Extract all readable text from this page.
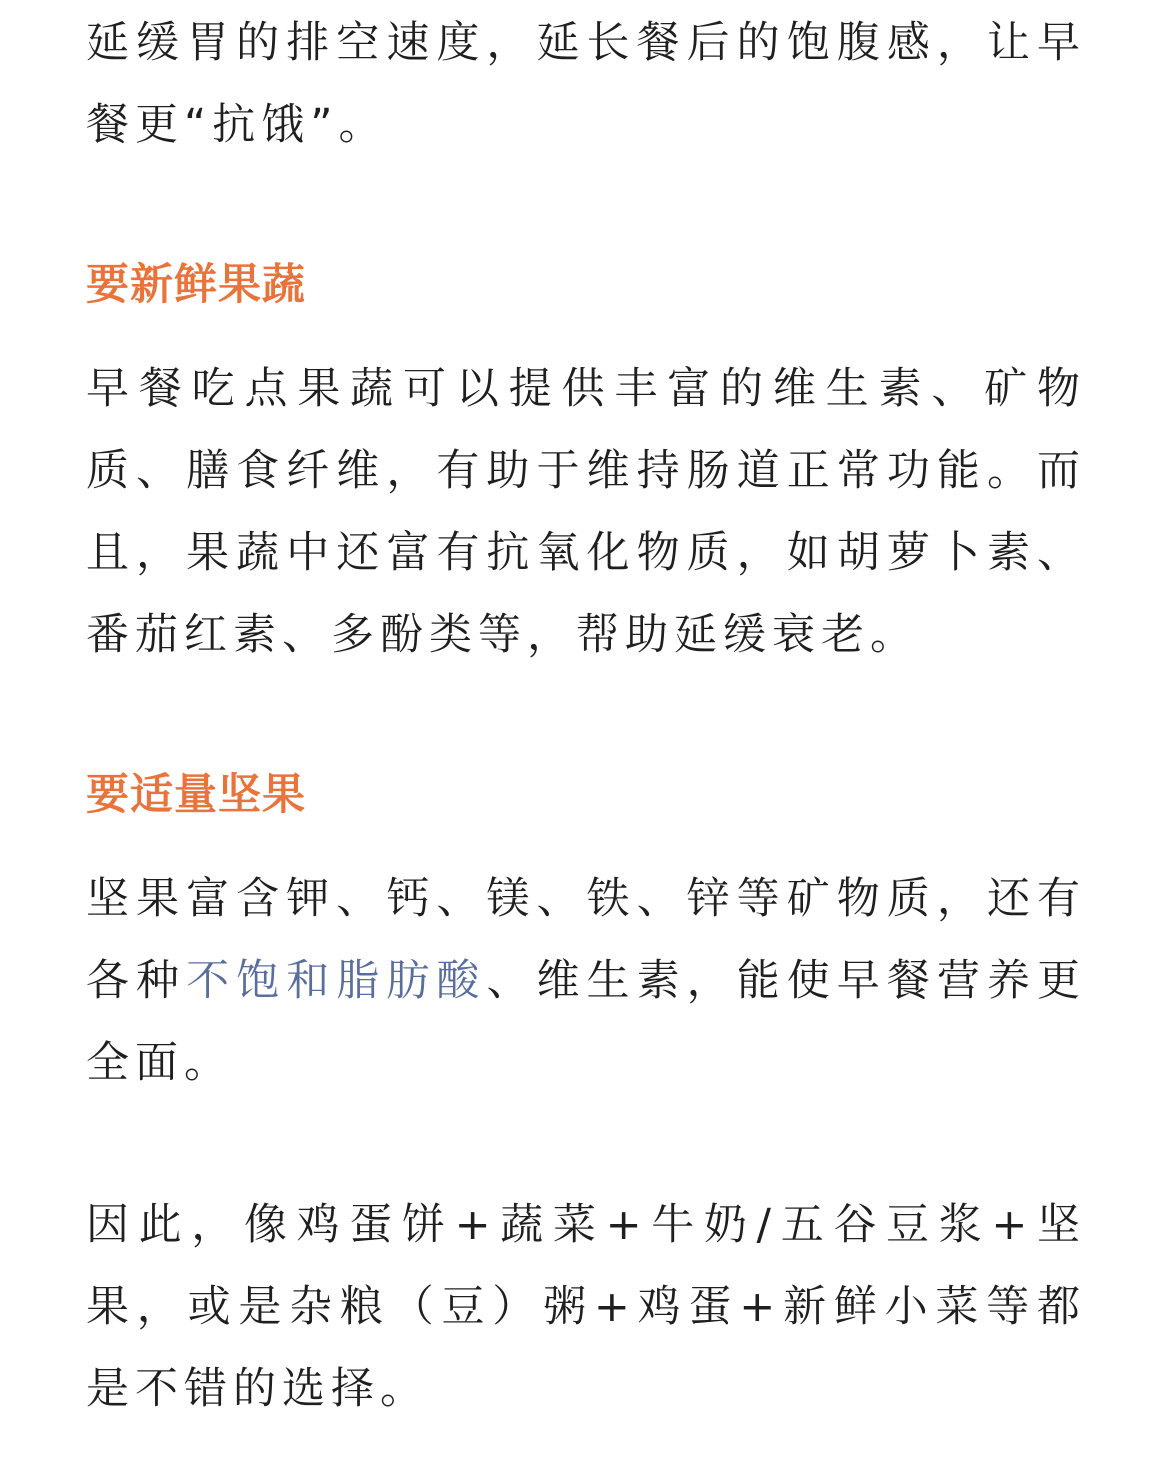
延缓胃的排空速度，延长餐后的饱腹感，让早餐更“抗饿”。

要新鲜果蔬

早餐吃点果蔬可以提供丰富的维生素、矿物质、膳食纤维，有助于维持肠道正常功能。而且，果蔬中还富有抗氧化物质，如胡萝卜素、番茄红素、多酚类等，帮助延缓衰老。

要适量坚果

坚果富含钾、钙、镁、铁、锌等矿物质，还有各种不饱和脂肪酸、维生素，能使早餐营养更全面。

因此，像鸡蛋饼+蔬菜+牛奶/五谷豆浆+坚果，或是杂粮（豆）粥+鸡蛋+新鲜小菜等都是不错的选择。
